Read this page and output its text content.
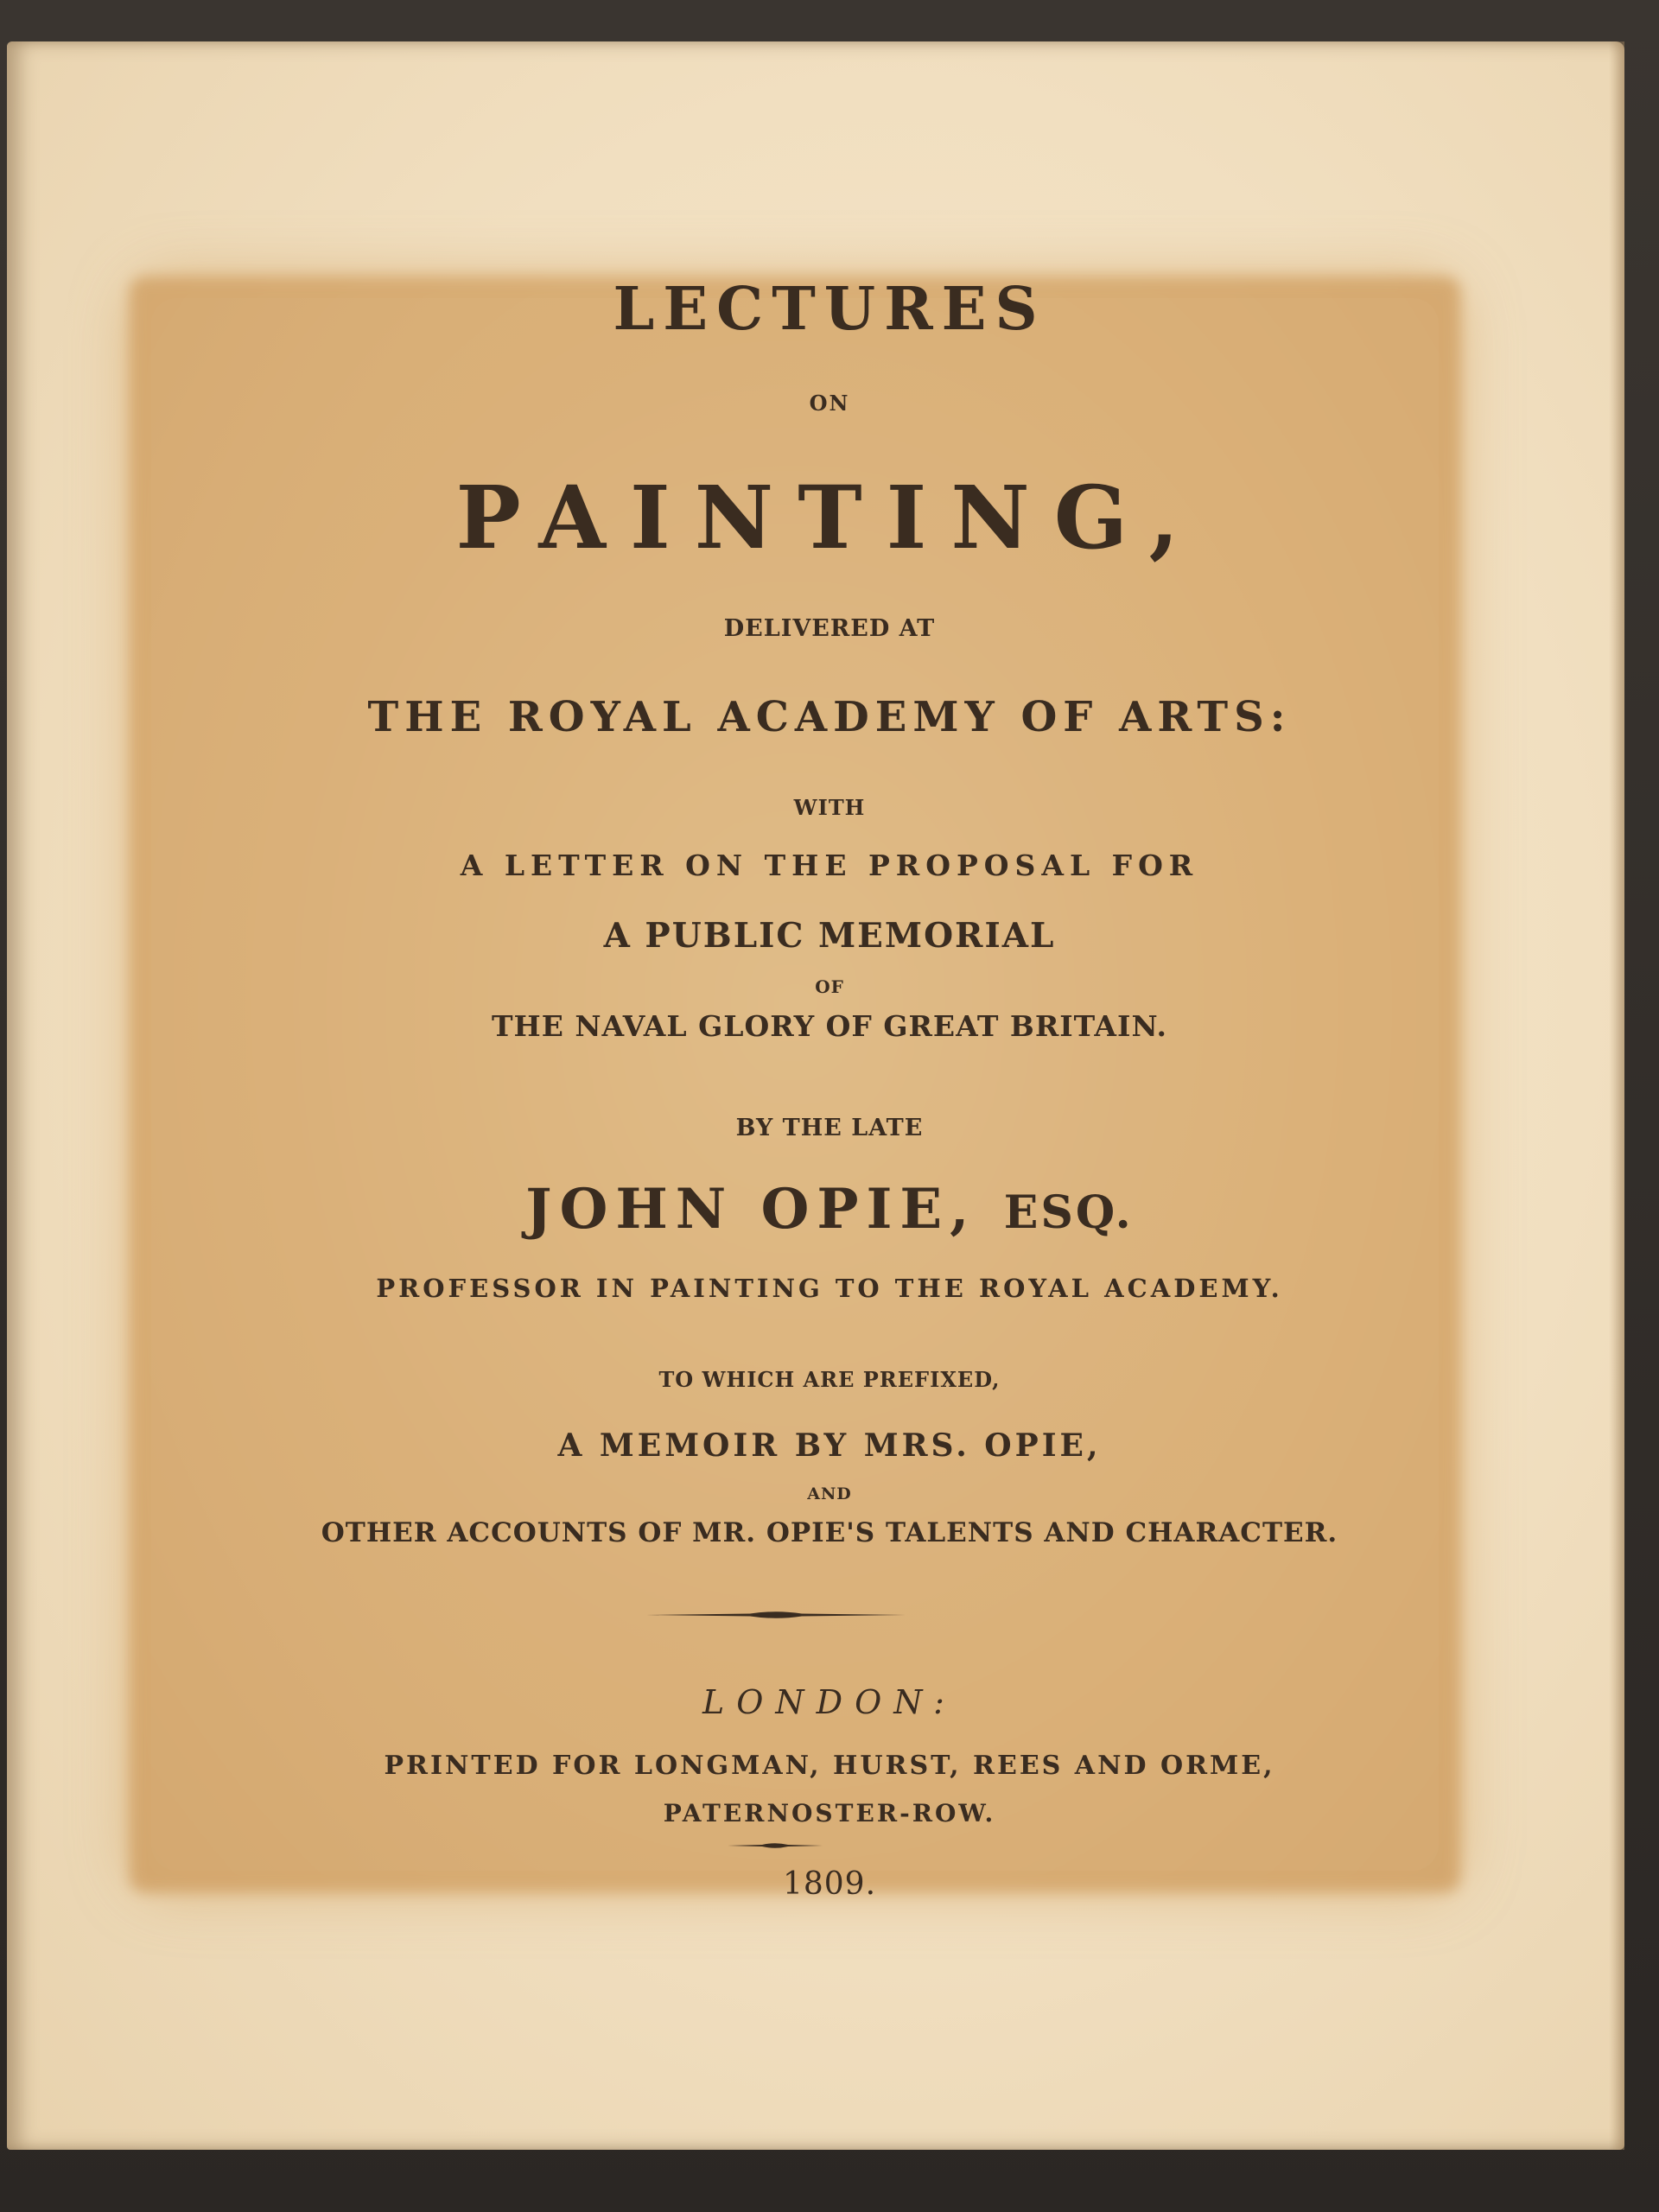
LECTURES
ON
PAINTING,
DELIVERED AT
THE ROYAL ACADEMY OF ARTS:
WITH
A LETTER ON THE PROPOSAL FOR
A PUBLIC MEMORIAL
OF
THE NAVAL GLORY OF GREAT BRITAIN.
BY THE LATE
JOHN OPIE, ESQ.
PROFESSOR IN PAINTING TO THE ROYAL ACADEMY.
TO WHICH ARE PREFIXED,
A MEMOIR BY MRS. OPIE,
AND
OTHER ACCOUNTS OF MR. OPIE'S TALENTS AND CHARACTER.
LONDON:
PRINTED FOR LONGMAN, HURST, REES AND ORME,
PATERNOSTER-ROW.
1809.
